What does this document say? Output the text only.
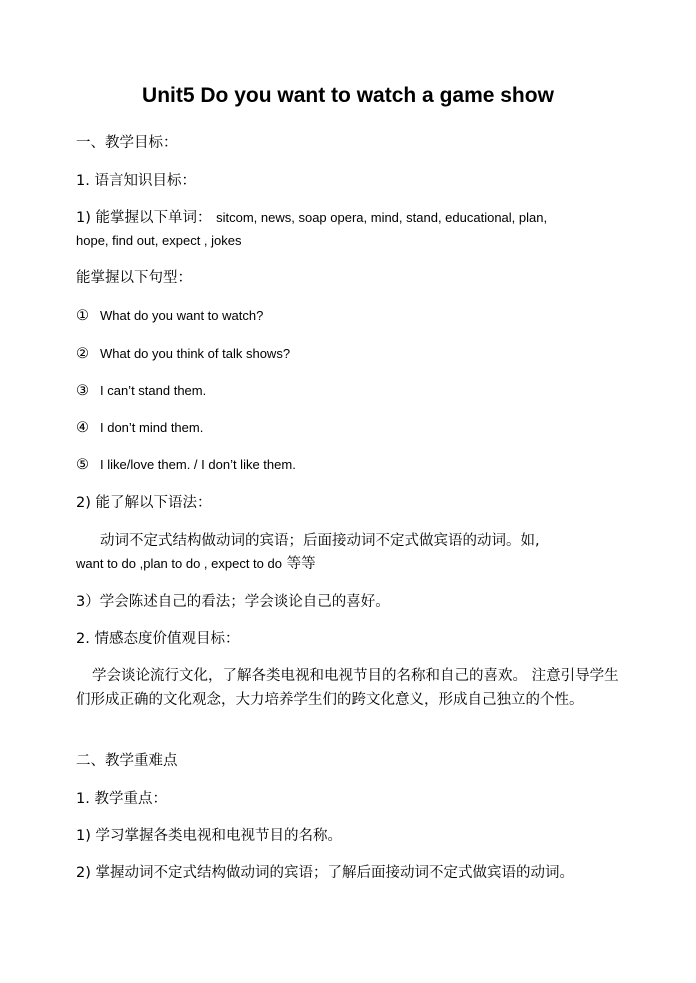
Unit5 Do you want to watch a game show
一、教学目标：
1. 语言知识目标：
1) 能掌握以下单词： sitcom, news, soap opera, mind, stand, educational, plan,
hope, find out, expect , jokes
能掌握以下句型：
① What do you want to watch?
② What do you think of talk shows?
③ I can’t stand them.
④ I don’t mind them.
⑤ I like/love them. / I don’t like them.
2) 能了解以下语法：
动词不定式结构做动词的宾语；后面接动词不定式做宾语的动词。如,
want to do ,plan to do , expect to do 等等
3）学会陈述自己的看法；学会谈论自己的喜好。
2. 情感态度价值观目标：
学会谈论流行文化，了解各类电视和电视节目的名称和自己的喜欢。 注意引导学生们形成正确的文化观念，大力培养学生们的跨文化意义，形成自己独立的个性。
二、教学重难点
1. 教学重点：
1) 学习掌握各类电视和电视节目的名称。
2) 掌握动词不定式结构做动词的宾语；了解后面接动词不定式做宾语的动词。
